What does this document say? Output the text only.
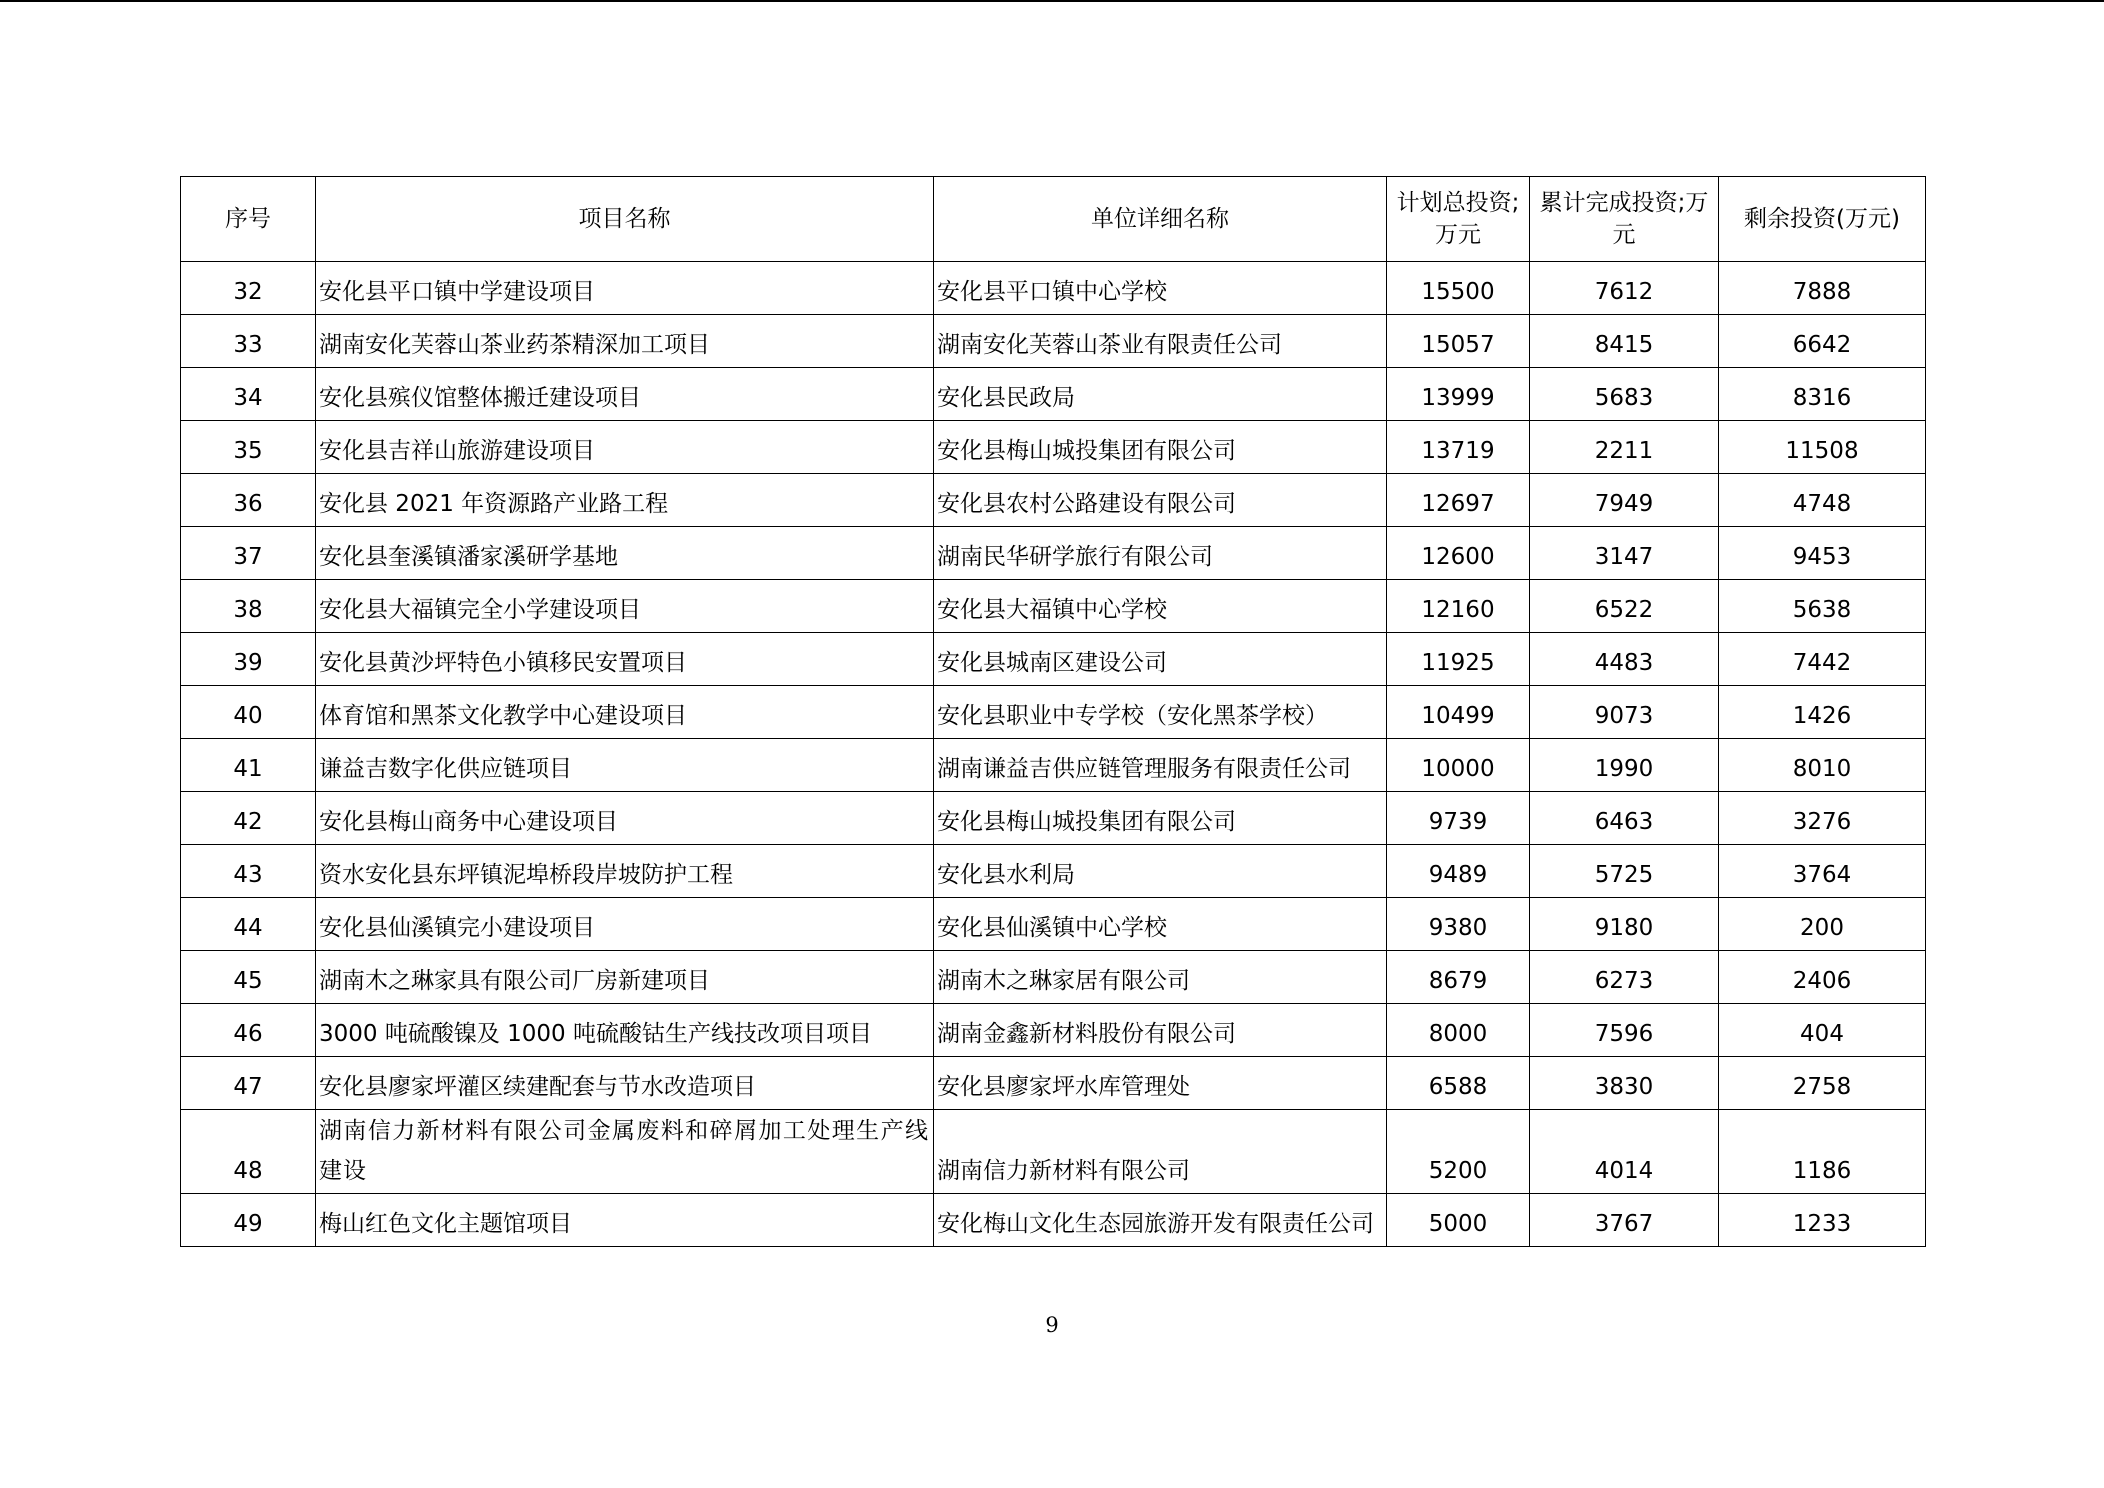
序号	项目名称	单位详细名称	计划总投资;万元	累计完成投资;万元	剩余投资(万元)
32	安化县平口镇中学建设项目	安化县平口镇中心学校	15500	7612	7888
33	湖南安化芙蓉山茶业药茶精深加工项目	湖南安化芙蓉山茶业有限责任公司	15057	8415	6642
34	安化县殡仪馆整体搬迁建设项目	安化县民政局	13999	5683	8316
35	安化县吉祥山旅游建设项目	安化县梅山城投集团有限公司	13719	2211	11508
36	安化县 2021 年资源路产业路工程	安化县农村公路建设有限公司	12697	7949	4748
37	安化县奎溪镇潘家溪研学基地	湖南民华研学旅行有限公司	12600	3147	9453
38	安化县大福镇完全小学建设项目	安化县大福镇中心学校	12160	6522	5638
39	安化县黄沙坪特色小镇移民安置项目	安化县城南区建设公司	11925	4483	7442
40	体育馆和黑茶文化教学中心建设项目	安化县职业中专学校（安化黑茶学校）	10499	9073	1426
41	谦益吉数字化供应链项目	湖南谦益吉供应链管理服务有限责任公司	10000	1990	8010
42	安化县梅山商务中心建设项目	安化县梅山城投集团有限公司	9739	6463	3276
43	资水安化县东坪镇泥埠桥段岸坡防护工程	安化县水利局	9489	5725	3764
44	安化县仙溪镇完小建设项目	安化县仙溪镇中心学校	9380	9180	200
45	湖南木之琳家具有限公司厂房新建项目	湖南木之琳家居有限公司	8679	6273	2406
46	3000 吨硫酸镍及 1000 吨硫酸钴生产线技改项目项目	湖南金鑫新材料股份有限公司	8000	7596	404
47	安化县廖家坪灌区续建配套与节水改造项目	安化县廖家坪水库管理处	6588	3830	2758
48	湖南信力新材料有限公司金属废料和碎屑加工处理生产线建设	湖南信力新材料有限公司	5200	4014	1186
49	梅山红色文化主题馆项目	安化梅山文化生态园旅游开发有限责任公司	5000	3767	1233
9
